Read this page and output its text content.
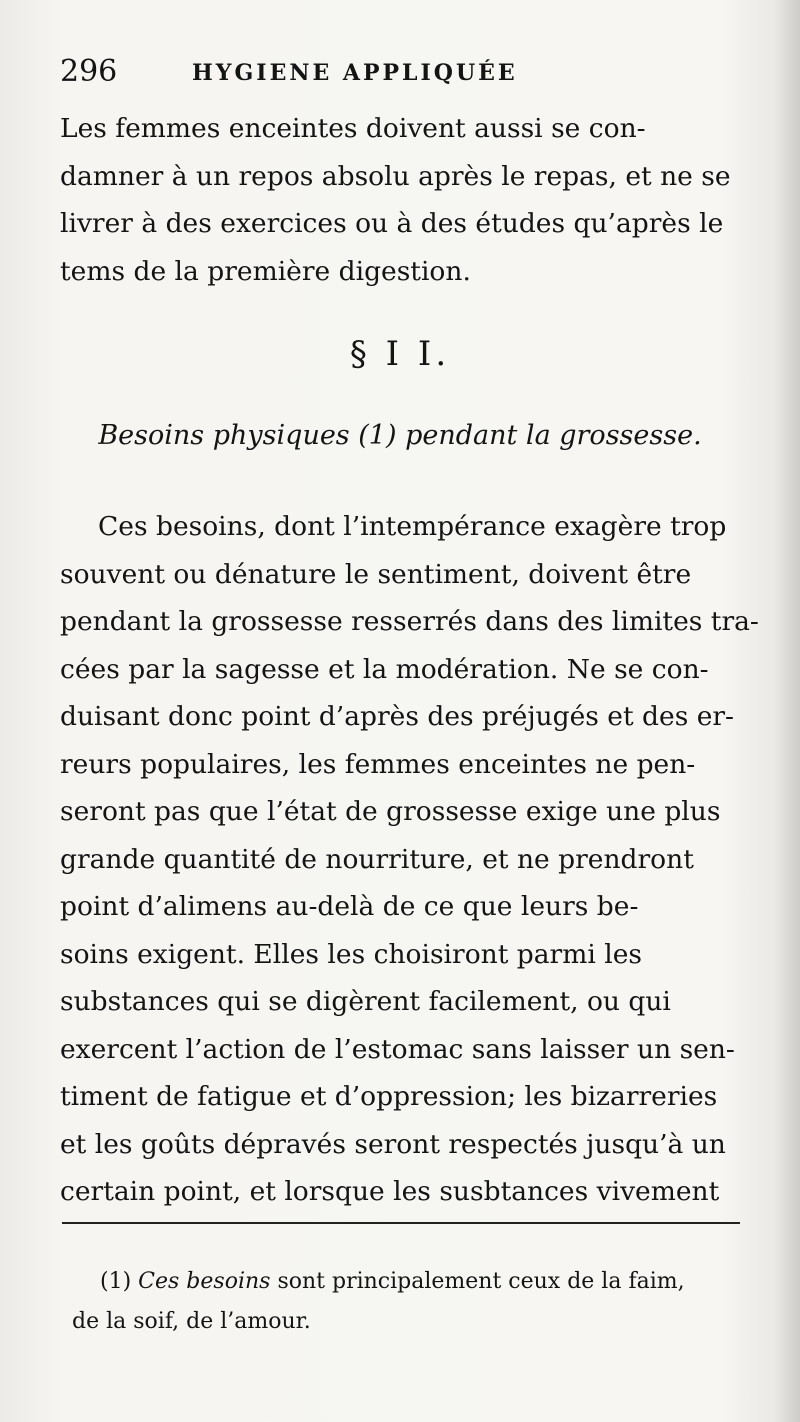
296	HYGIENE APPLIQUÉE
Les femmes enceintes doivent aussi se con-
damner à un repos absolu après le repas, et ne se
livrer à des exercices ou à des études qu’après le
tems de la première digestion.
§ I I.
Besoins physiques (1) pendant la grossesse.
Ces besoins, dont l’intempérance exagère trop
souvent ou dénature le sentiment, doivent être
pendant la grossesse resserrés dans des limites tra-
cées par la sagesse et la modération. Ne se con-
duisant donc point d’après des préjugés et des er-
reurs populaires, les femmes enceintes ne pen-
seront pas que l’état de grossesse exige une plus
grande quantité de nourriture, et ne prendront
point d’alimens au-delà de ce que leurs be-
soins exigent. Elles les choisiront parmi les
substances qui se digèrent facilement, ou qui
exercent l’action de l’estomac sans laisser un sen-
timent de fatigue et d’oppression; les bizarreries
et les goûts dépravés seront respectés jusqu’à un
certain point, et lorsque les susbtances vivement
(1) Ces besoins sont principalement ceux de la faim,
de la soif, de l’amour.
